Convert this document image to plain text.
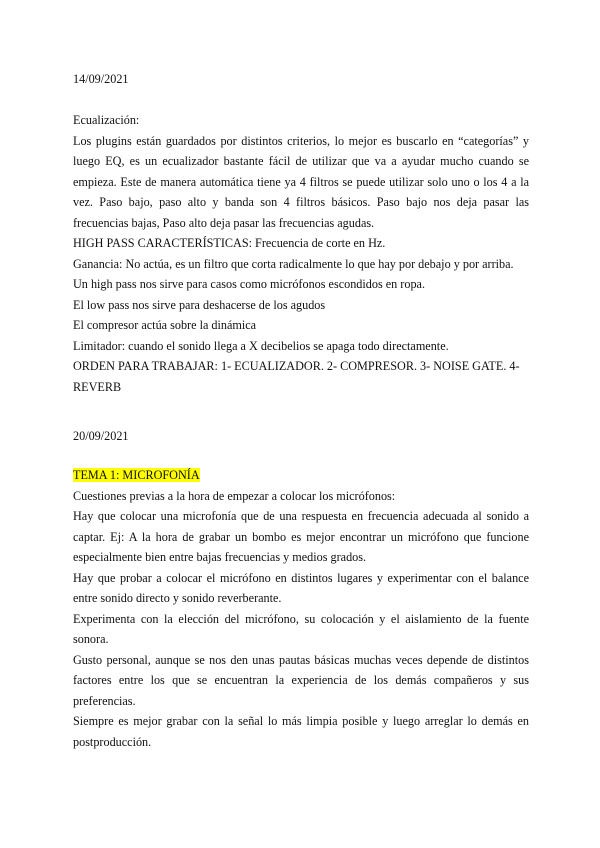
14/09/2021

Ecualización:

Los plugins están guardados por distintos criterios, lo mejor es buscarlo en “categorías” y luego EQ, es un ecualizador bastante fácil de utilizar que va a ayudar mucho cuando se empieza. Este de manera automática tiene ya 4 filtros se puede utilizar solo uno o los 4 a la vez. Paso bajo, paso alto y banda son 4 filtros básicos. Paso bajo nos deja pasar las frecuencias bajas, Paso alto deja pasar las frecuencias agudas.

HIGH PASS CARACTERÍSTICAS: Frecuencia de corte en Hz.

Ganancia: No actúa, es un filtro que corta radicalmente lo que hay por debajo y por arriba.

Un high pass nos sirve para casos como micrófonos escondidos en ropa.

El low pass nos sirve para deshacerse de los agudos

El compresor actúa sobre la dinámica

Limitador: cuando el sonido llega a X decibelios se apaga todo directamente.

ORDEN PARA TRABAJAR: 1- ECUALIZADOR. 2- COMPRESOR. 3- NOISE GATE. 4- REVERB

20/09/2021

TEMA 1: MICROFONÍA

Cuestiones previas a la hora de empezar a colocar los micrófonos:

Hay que colocar una microfonía que de una respuesta en frecuencia adecuada al sonido a captar. Ej: A la hora de grabar un bombo es mejor encontrar un micrófono que funcione especialmente bien entre bajas frecuencias y medios grados.

Hay que probar a colocar el micrófono en distintos lugares y experimentar con el balance entre sonido directo y sonido reverberante.

Experimenta con la elección del micrófono, su colocación y el aislamiento de la fuente sonora.

Gusto personal, aunque se nos den unas pautas básicas muchas veces depende de distintos factores entre los que se encuentran la experiencia de los demás compañeros y sus preferencias.

Siempre es mejor grabar con la señal lo más limpia posible y luego arreglar lo demás en postproducción.
